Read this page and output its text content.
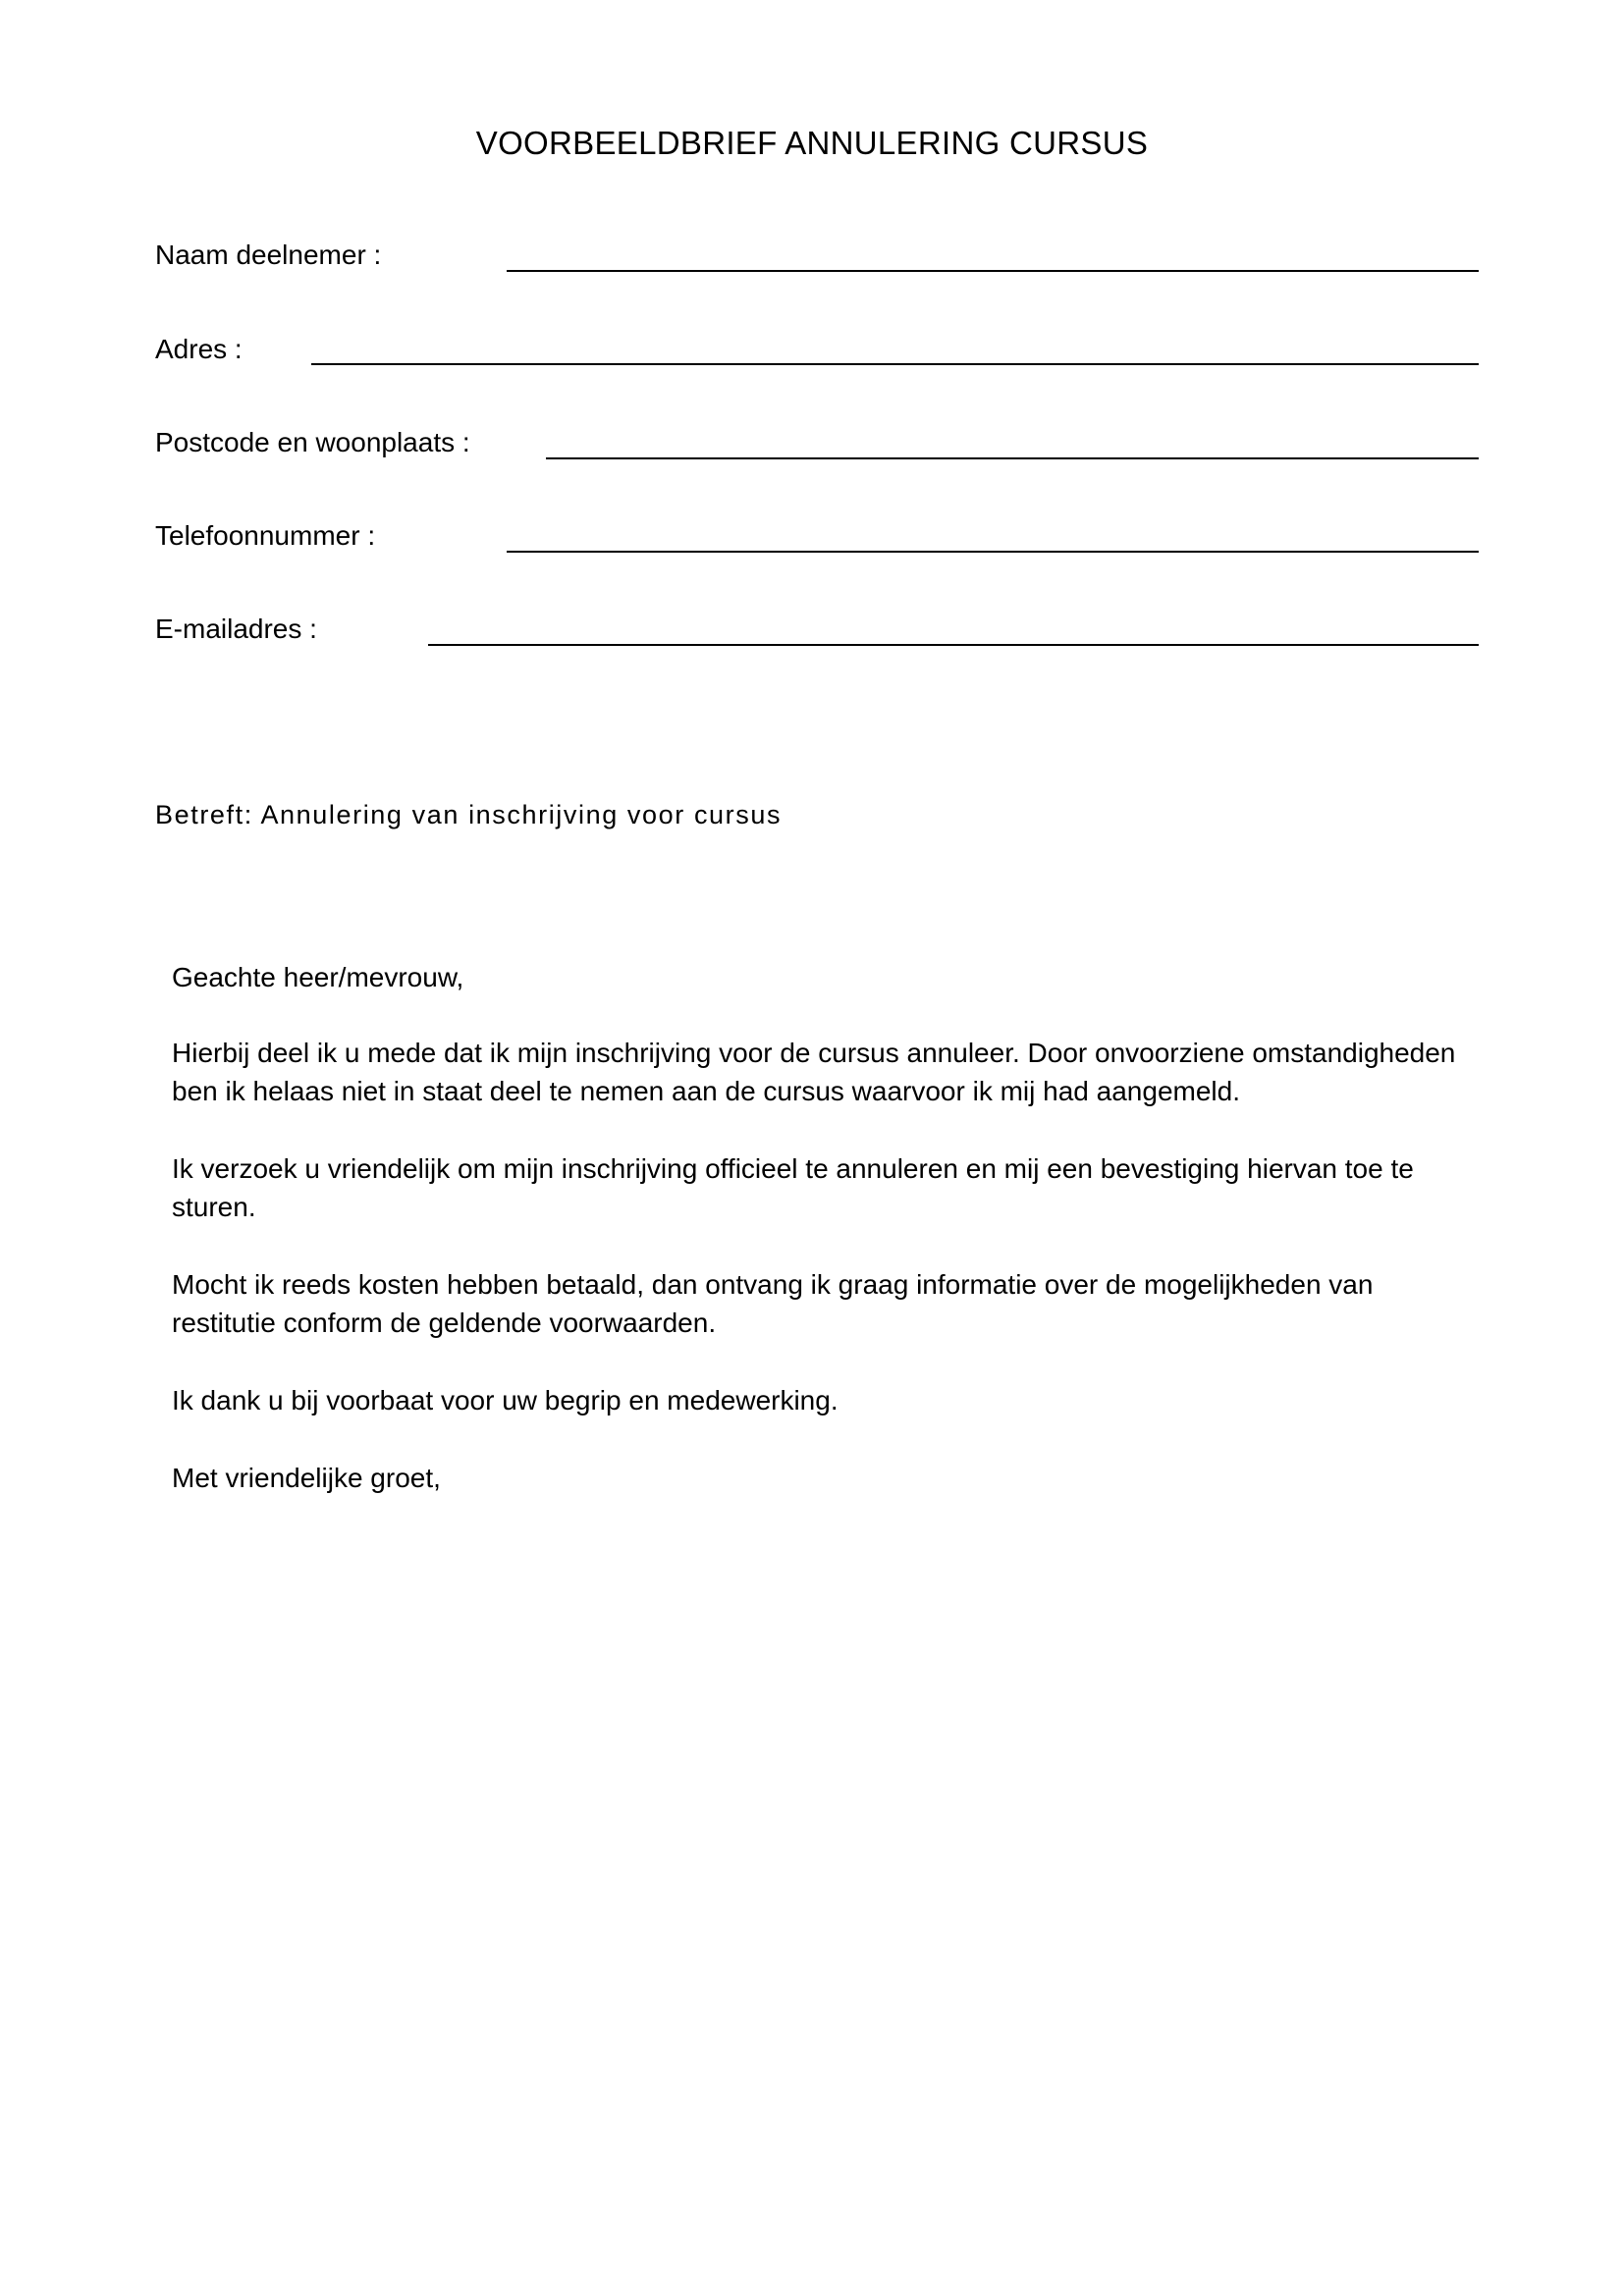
VOORBEELDBRIEF ANNULERING CURSUS
Naam deelnemer :
Adres :
Postcode en woonplaats :
Telefoonnummer :
E-mailadres :
Betreft: Annulering van inschrijving voor cursus

Geachte heer/mevrouw,

Hierbij deel ik u mede dat ik mijn inschrijving voor de cursus annuleer. Door onvoorziene omstandigheden ben ik helaas niet in staat deel te nemen aan de cursus waarvoor ik mij had aangemeld.

Ik verzoek u vriendelijk om mijn inschrijving officieel te annuleren en mij een bevestiging hiervan toe te sturen.

Mocht ik reeds kosten hebben betaald, dan ontvang ik graag informatie over de mogelijkheden van restitutie conform de geldende voorwaarden.

Ik dank u bij voorbaat voor uw begrip en medewerking.

Met vriendelijke groet,
